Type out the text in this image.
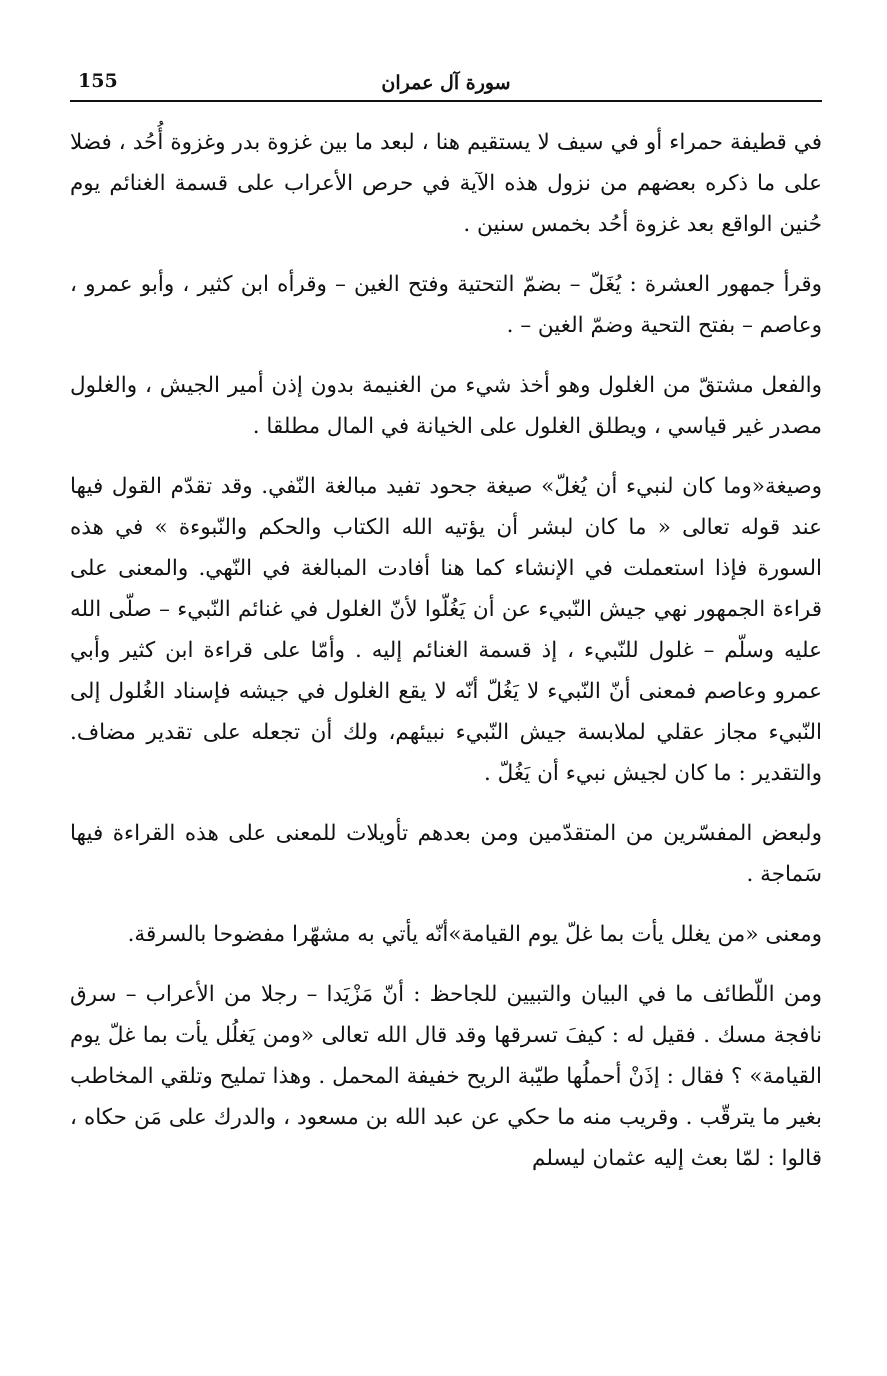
سورة آل عمران
155

في قطيفة حمراء أو في سيف لا يستقيم هنا ، لبعد ما بين غزوة بدر وغزوة أُحُد ، فضلا على ما ذكره بعضهم من نزول هذه الآية في حرص الأعراب على قسمة الغنائم يوم حُنين الواقع بعد غزوة أحُد بخمس سنين .

وقرأ جمهور العشرة : يُغَلّ – بضمّ التحتية وفتح الغين – وقرأه ابن كثير ، وأبو عمرو ، وعاصم – بفتح التحية وضمّ الغين – .

والفعل مشتقّ من الغلول وهو أخذ شيء من الغنيمة بدون إذن أمير الجيش ، والغلول مصدر غير قياسي ، ويطلق الغلول على الخيانة في المال مطلقا .

وصيغة«وما كان لنبيء أن يُغلّ» صيغة جحود تفيد مبالغة النّفي. وقد تقدّم القول فيها عند قوله تعالى « ما كان لبشر أن يؤتيه الله الكتاب والحكم والنّبوءة » في هذه السورة فإذا استعملت في الإنشاء كما هنا أفادت المبالغة في النّهي. والمعنى على قراءة الجمهور نهي جيش النّبيء عن أن يَغُلّوا لأنّ الغلول في غنائم النّبيء – صلّى الله عليه وسلّم – غلول للنّبيء ، إذ قسمة الغنائم إليه . وأمّا على قراءة ابن كثير وأبي عمرو وعاصم فمعنى أنّ النّبيء لا يَغُلّ أنّه لا يقع الغلول في جيشه فإسناد الغُلول إلى النّبيء مجاز عقلي لملابسة جيش النّبيء نبيئهم، ولك أن تجعله على تقدير مضاف. والتقدير : ما كان لجيش نبيء أن يَغُلّ .

ولبعض المفسّرين من المتقدّمين ومن بعدهم تأويلات للمعنى على هذه القراءة فيها سَماجة .

ومعنى «من يغلل يأت بما غلّ يوم القيامة»أنّه يأتي به مشهّرا مفضوحا بالسرقة.

ومن اللّطائف ما في البيان والتبيين للجاحظ : أنّ مَزْيَدا – رجلا من الأعراب – سرق نافجة مسك . فقيل له : كيفَ تسرقها وقد قال الله تعالى «ومن يَغلُل يأت بما غلّ يوم القيامة» ؟ فقال : إذَنْ أحملُها طيّبة الريح خفيفة المحمل . وهذا تمليح وتلقي المخاطب بغير ما يترقّب . وقريب منه ما حكي عن عبد الله بن مسعود ، والدرك على مَن حكاه ، قالوا : لمّا بعث إليه عثمان ليسلم
